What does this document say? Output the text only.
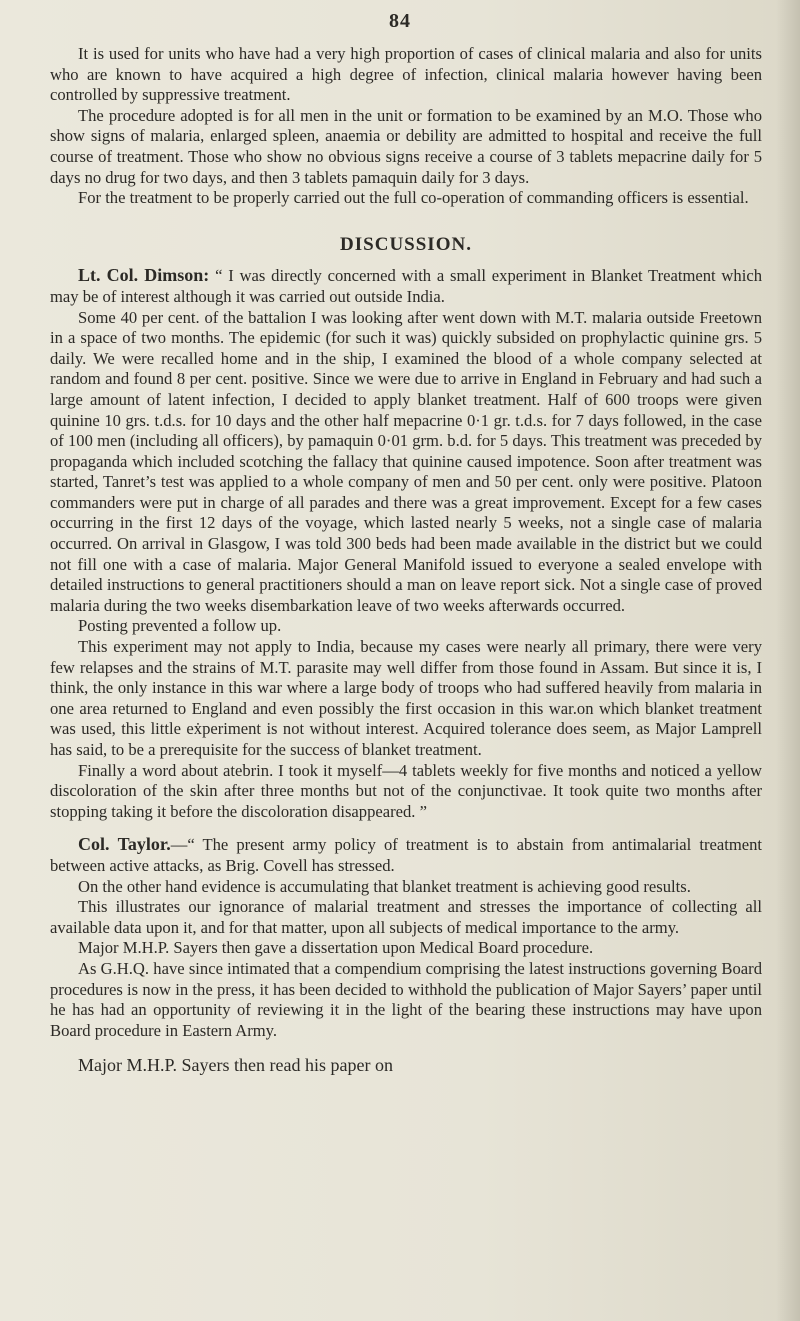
84

It is used for units who have had a very high proportion of cases of clinical malaria and also for units who are known to have acquired a high degree of infection, clinical malaria however having been controlled by suppressive treatment.

The procedure adopted is for all men in the unit or formation to be examined by an M.O. Those who show signs of malaria, enlarged spleen, anaemia or debility are admitted to hospital and receive the full course of treatment. Those who show no obvious signs receive a course of 3 tablets mepacrine daily for 5 days no drug for two days, and then 3 tablets pamaquin daily for 3 days.

For the treatment to be properly carried out the full co-operation of commanding officers is essential.

DISCUSSION.

Lt. Col. Dimson: “ I was directly concerned with a small experiment in Blanket Treatment which may be of interest although it was carried out outside India.

Some 40 per cent. of the battalion I was looking after went down with M.T. malaria outside Freetown in a space of two months. The epidemic (for such it was) quickly subsided on prophylactic quinine grs. 5 daily. We were recalled home and in the ship, I examined the blood of a whole company selected at random and found 8 per cent. positive. Since we were due to arrive in England in February and had such a large amount of latent infection, I decided to apply blanket treatment. Half of 600 troops were given quinine 10 grs. t.d.s. for 10 days and the other half mepacrine 0·1 gr. t.d.s. for 7 days followed, in the case of 100 men (including all officers), by pamaquin 0·01 grm. b.d. for 5 days. This treatment was preceded by propaganda which included scotching the fallacy that quinine caused impotence. Soon after treatment was started, Tanret’s test was applied to a whole company of men and 50 per cent. only were positive. Platoon commanders were put in charge of all parades and there was a great improvement. Except for a few cases occurring in the first 12 days of the voyage, which lasted nearly 5 weeks, not a single case of malaria occurred. On arrival in Glasgow, I was told 300 beds had been made available in the district but we could not fill one with a case of malaria. Major General Manifold issued to everyone a sealed envelope with detailed instructions to general practitioners should a man on leave report sick. Not a single case of proved malaria during the two weeks disembarkation leave of two weeks afterwards occurred.

Posting prevented a follow up.

This experiment may not apply to India, because my cases were nearly all primary, there were very few relapses and the strains of M.T. parasite may well differ from those found in Assam. But since it is, I think, the only instance in this war where a large body of troops who had suffered heavily from malaria in one area returned to England and even possibly the first occasion in this war.on which blanket treatment was used, this little eẋperiment is not without interest. Acquired tolerance does seem, as Major Lamprell has said, to be a prerequisite for the success of blanket treatment.

Finally a word about atebrin. I took it myself—4 tablets weekly for five months and noticed a yellow discoloration of the skin after three months but not of the conjunctivae. It took quite two months after stopping taking it before the discoloration disappeared. ”

Col. Taylor.—“ The present army policy of treatment is to abstain from antimalarial treatment between active attacks, as Brig. Covell has stressed.

On the other hand evidence is accumulating that blanket treatment is achieving good results.

This illustrates our ignorance of malarial treatment and stresses the importance of collecting all available data upon it, and for that matter, upon all subjects of medical importance to the army.

Major M.H.P. Sayers then gave a dissertation upon Medical Board procedure.

As G.H.Q. have since intimated that a compendium comprising the latest instructions governing Board procedures is now in the press, it has been decided to withhold the publication of Major Sayers’ paper until he has had an opportunity of reviewing it in the light of the bearing these instructions may have upon Board procedure in Eastern Army.

Major M.H.P. Sayers then read his paper on
